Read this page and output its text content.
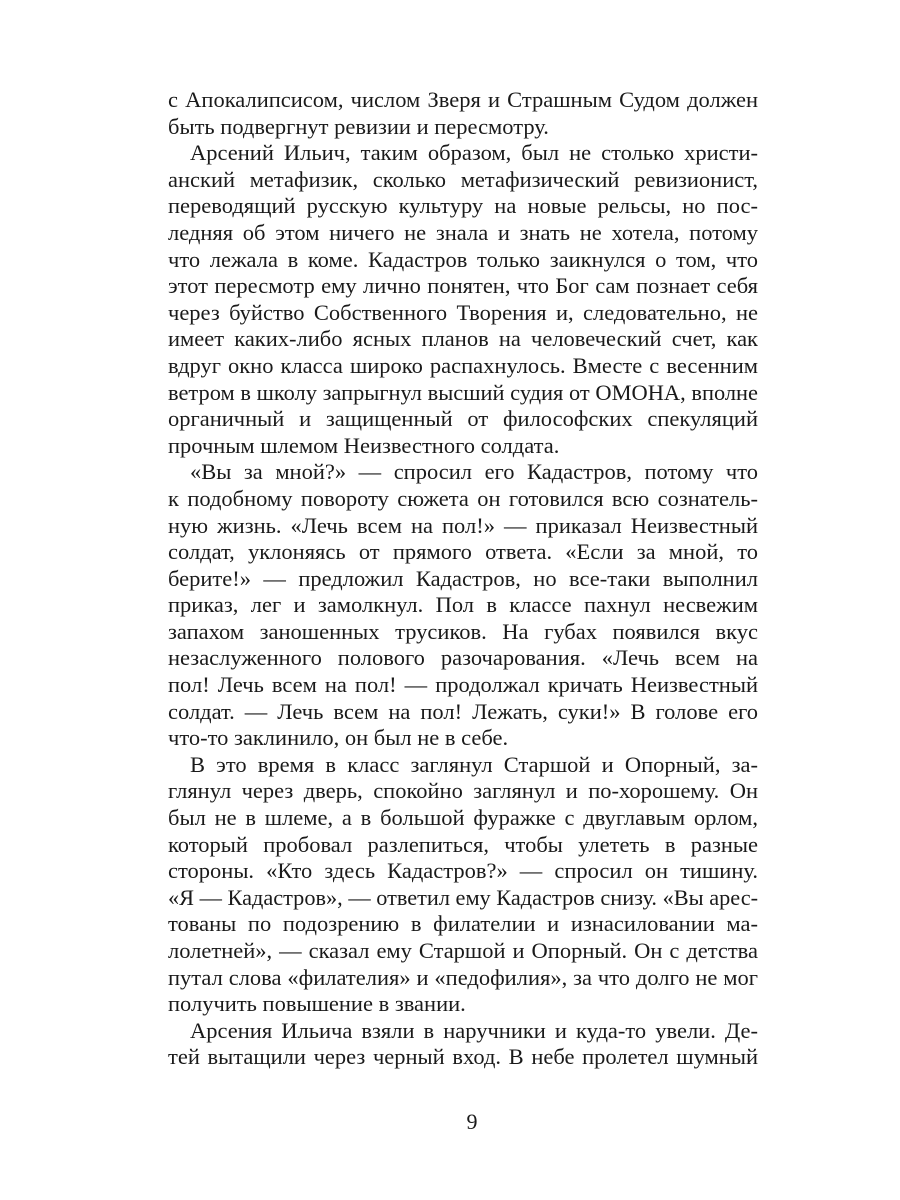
с Апокалипсисом, числом Зверя и Страшным Судом должен
быть подвергнут ревизии и пересмотру.
Арсений Ильич, таким образом, был не столько христи-
анский метафизик, сколько метафизический ревизионист,
переводящий русскую культуру на новые рельсы, но пос-
ледняя об этом ничего не знала и знать не хотела, потому
что лежала в коме. Кадастров только заикнулся о том, что
этот пересмотр ему лично понятен, что Бог сам познает себя
через буйство Собственного Творения и, следовательно, не
имеет каких-либо ясных планов на человеческий счет, как
вдруг окно класса широко распахнулось. Вместе с весенним
ветром в школу запрыгнул высший судия от ОМОНА, вполне
органичный и защищенный от философских спекуляций
прочным шлемом Неизвестного солдата.
«Вы за мной?» — спросил его Кадастров, потому что
к подобному повороту сюжета он готовился всю сознатель-
ную жизнь. «Лечь всем на пол!» — приказал Неизвестный
солдат, уклоняясь от прямого ответа. «Если за мной, то
берите!» — предложил Кадастров, но все-таки выполнил
приказ, лег и замолкнул. Пол в классе пахнул несвежим
запахом заношенных трусиков. На губах появился вкус
незаслуженного полового разочарования. «Лечь всем на
пол! Лечь всем на пол! — продолжал кричать Неизвестный
солдат. — Лечь всем на пол! Лежать, суки!» В голове его
что-то заклинило, он был не в себе.
В это время в класс заглянул Старшой и Опорный, за-
глянул через дверь, спокойно заглянул и по-хорошему. Он
был не в шлеме, а в большой фуражке с двуглавым орлом,
который пробовал разлепиться, чтобы улететь в разные
стороны. «Кто здесь Кадастров?» — спросил он тишину.
«Я — Кадастров», — ответил ему Кадастров снизу. «Вы арес-
тованы по подозрению в филателии и изнасиловании ма-
лолетней», — сказал ему Старшой и Опорный. Он с детства
путал слова «филателия» и «педофилия», за что долго не мог
получить повышение в звании.
Арсения Ильича взяли в наручники и куда-то увели. Де-
тей вытащили через черный вход. В небе пролетел шумный
9
